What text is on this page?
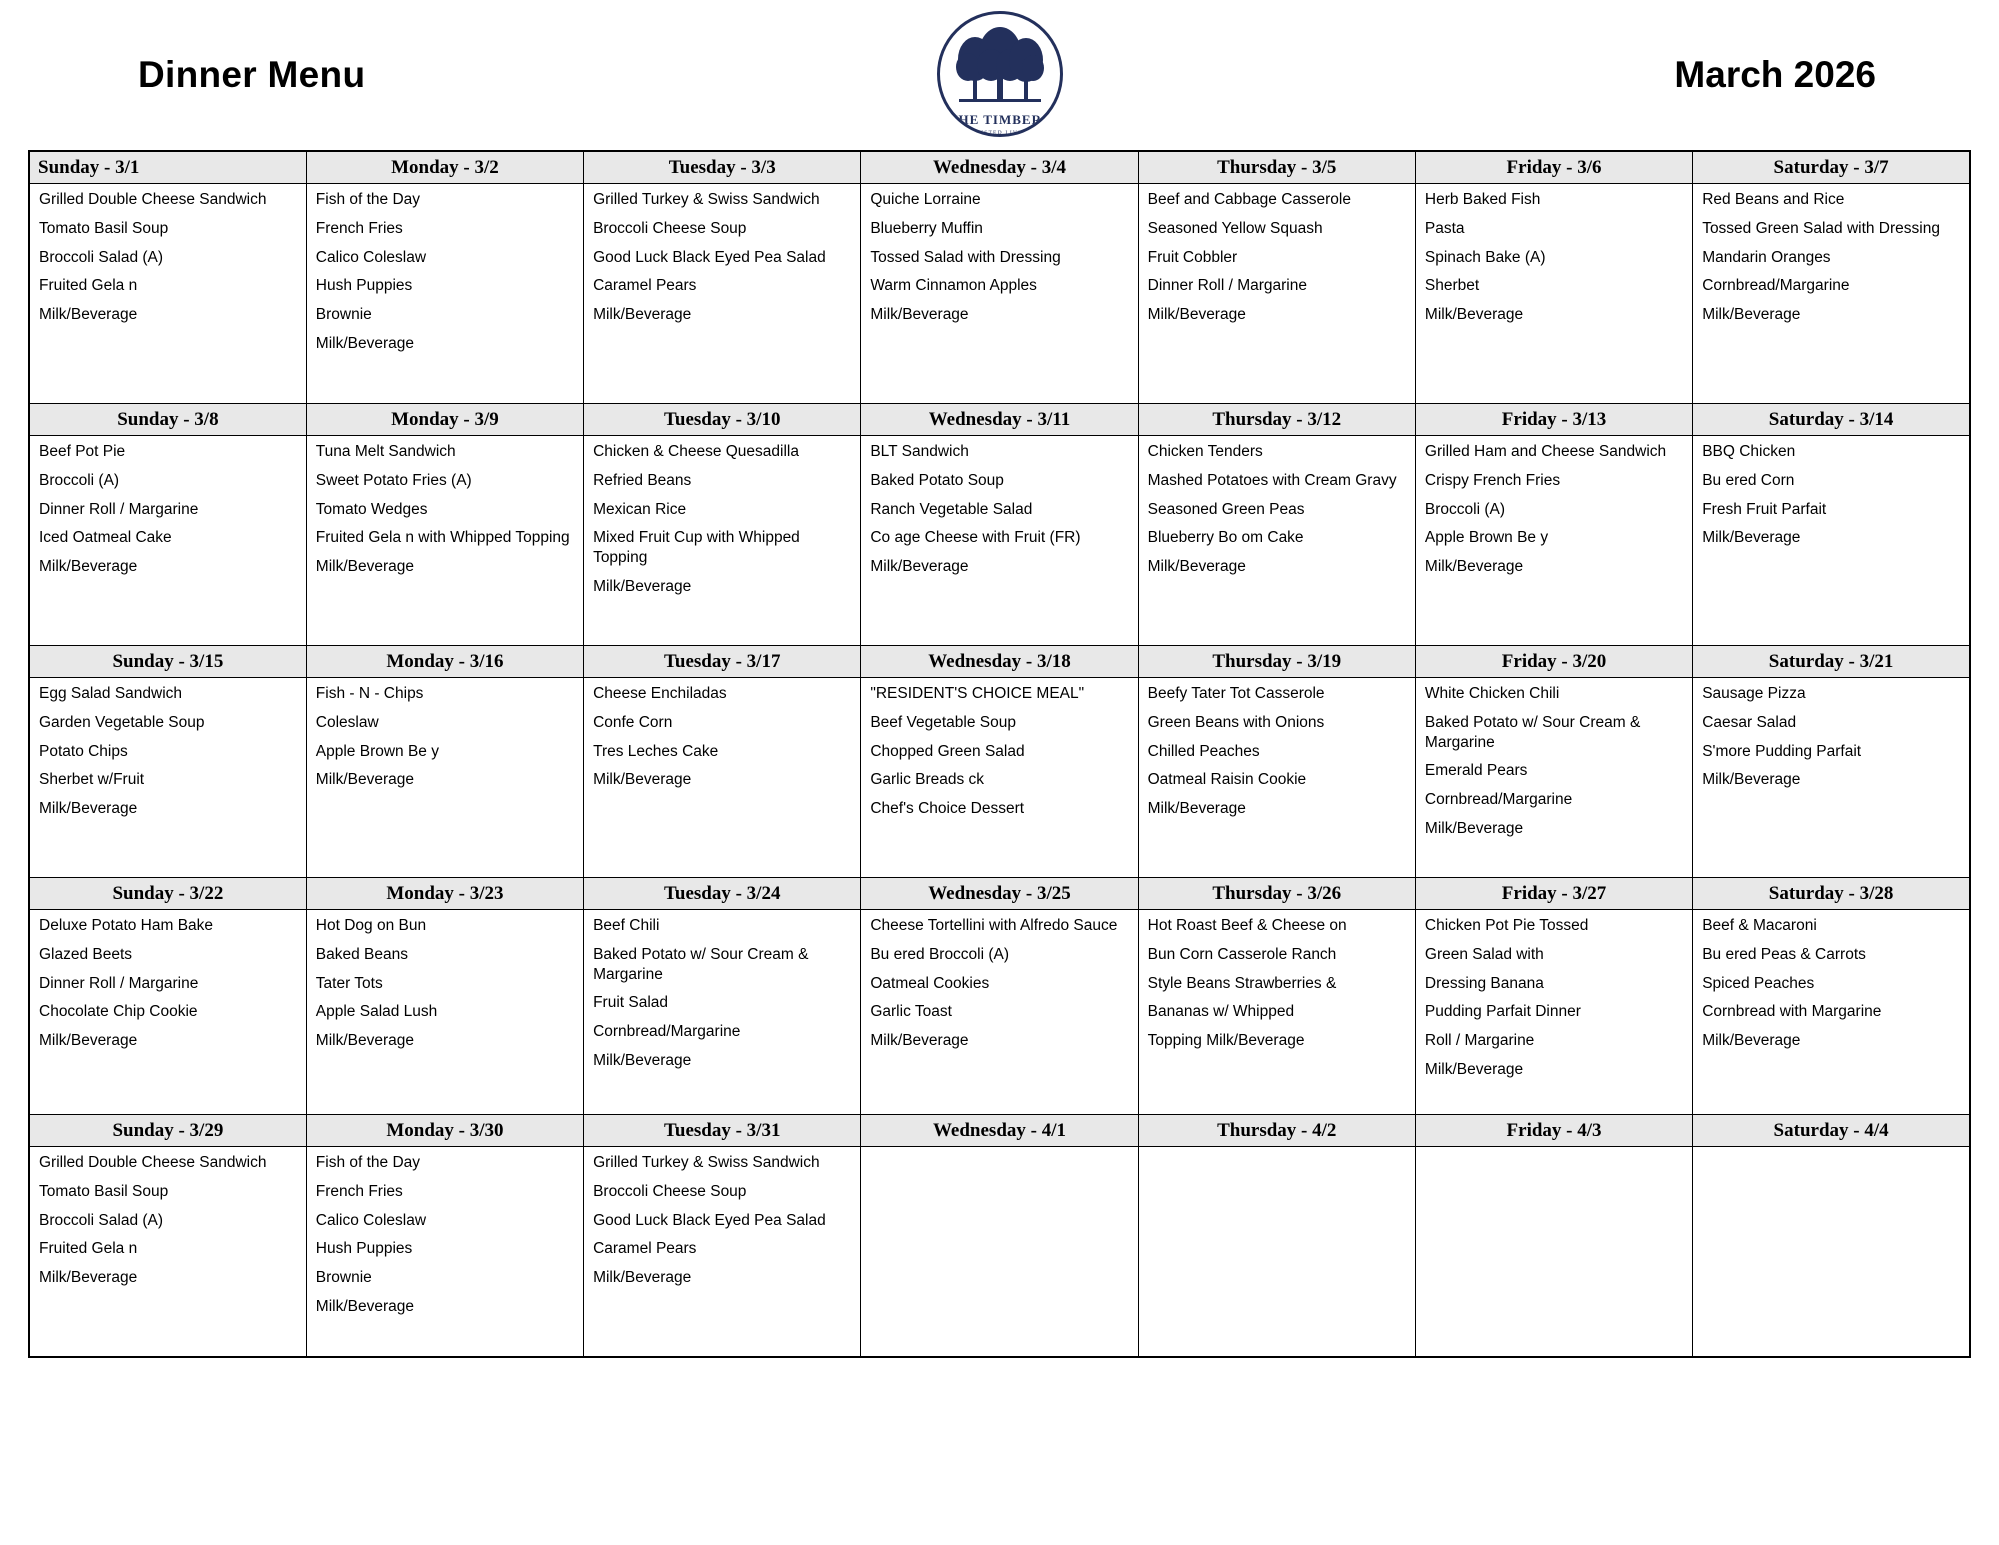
Dinner Menu
THE TIMBERS
ASSISTED LIVING
March 2026
Sunday - 3/1
Grilled Double Cheese Sandwich
Tomato Basil Soup
Broccoli Salad (A)
Fruited Gela n
Milk/Beverage

Monday - 3/2
Fish of the Day
French Fries
Calico Coleslaw
Hush Puppies
Brownie
Milk/Beverage

Tuesday - 3/3
Grilled Turkey & Swiss Sandwich
Broccoli Cheese Soup
Good Luck Black Eyed Pea Salad
Caramel Pears
Milk/Beverage

Wednesday - 3/4
Quiche Lorraine
Blueberry Muffin
Tossed Salad with Dressing
Warm Cinnamon Apples
Milk/Beverage

Thursday - 3/5
Beef and Cabbage Casserole
Seasoned Yellow Squash
Fruit Cobbler
Dinner Roll / Margarine
Milk/Beverage

Friday - 3/6
Herb Baked Fish
Pasta
Spinach Bake (A)
Sherbet
Milk/Beverage

Saturday - 3/7
Red Beans and Rice
Tossed Green Salad with Dressing
Mandarin Oranges
Cornbread/Margarine
Milk/Beverage

Sunday - 3/8
Beef Pot Pie
Broccoli (A)
Dinner Roll / Margarine
Iced Oatmeal Cake
Milk/Beverage

Monday - 3/9
Tuna Melt Sandwich
Sweet Potato Fries (A)
Tomato Wedges
Fruited Gela n with Whipped Topping
Milk/Beverage

Tuesday - 3/10
Chicken & Cheese Quesadilla
Refried Beans
Mexican Rice
Mixed Fruit Cup with Whipped Topping
Milk/Beverage

Wednesday - 3/11
BLT Sandwich
Baked Potato Soup
Ranch Vegetable Salad
Co age Cheese with Fruit (FR)
Milk/Beverage

Thursday - 3/12
Chicken Tenders
Mashed Potatoes with Cream Gravy
Seasoned Green Peas
Blueberry Bo om Cake
Milk/Beverage

Friday - 3/13
Grilled Ham and Cheese Sandwich
Crispy French Fries
Broccoli (A)
Apple Brown Be y
Milk/Beverage

Saturday - 3/14
BBQ Chicken
Bu ered Corn
Fresh Fruit Parfait
Milk/Beverage

Sunday - 3/15
Egg Salad Sandwich
Garden Vegetable Soup
Potato Chips
Sherbet w/Fruit
Milk/Beverage

Monday - 3/16
Fish - N - Chips
Coleslaw
Apple Brown Be y
Milk/Beverage

Tuesday - 3/17
Cheese Enchiladas
Confe Corn
Tres Leches Cake
Milk/Beverage

Wednesday - 3/18
"RESIDENT'S CHOICE MEAL"
Beef Vegetable Soup
Chopped Green Salad
Garlic Breads ck
Chef's Choice Dessert

Thursday - 3/19
Beefy Tater Tot Casserole
Green Beans with Onions
Chilled Peaches
Oatmeal Raisin Cookie
Milk/Beverage

Friday - 3/20
White Chicken Chili
Baked Potato w/ Sour Cream & Margarine
Emerald Pears
Cornbread/Margarine
Milk/Beverage

Saturday - 3/21
Sausage Pizza
Caesar Salad
S'more Pudding Parfait
Milk/Beverage

Sunday - 3/22
Deluxe Potato Ham Bake
Glazed Beets
Dinner Roll / Margarine
Chocolate Chip Cookie
Milk/Beverage

Monday - 3/23
Hot Dog on Bun
Baked Beans
Tater Tots
Apple Salad Lush
Milk/Beverage

Tuesday - 3/24
Beef Chili
Baked Potato w/ Sour Cream & Margarine
Fruit Salad
Cornbread/Margarine
Milk/Beverage

Wednesday - 3/25
Cheese Tortellini with Alfredo Sauce
Bu ered Broccoli (A)
Oatmeal Cookies
Garlic Toast
Milk/Beverage

Thursday - 3/26
Hot Roast Beef & Cheese on
Bun Corn Casserole Ranch
Style Beans Strawberries &
Bananas w/ Whipped
Topping Milk/Beverage

Friday - 3/27
Chicken Pot Pie Tossed
Green Salad with
Dressing Banana
Pudding Parfait Dinner
Roll / Margarine
Milk/Beverage

Saturday - 3/28
Beef & Macaroni
Bu ered Peas & Carrots
Spiced Peaches
Cornbread with Margarine
Milk/Beverage

Sunday - 3/29
Grilled Double Cheese Sandwich
Tomato Basil Soup
Broccoli Salad (A)
Fruited Gela n
Milk/Beverage

Monday - 3/30
Fish of the Day
French Fries
Calico Coleslaw
Hush Puppies
Brownie
Milk/Beverage

Tuesday - 3/31
Grilled Turkey & Swiss Sandwich
Broccoli Cheese Soup
Good Luck Black Eyed Pea Salad
Caramel Pears
Milk/Beverage

Wednesday - 4/1	Thursday - 4/2	Friday - 4/3	Saturday - 4/4
